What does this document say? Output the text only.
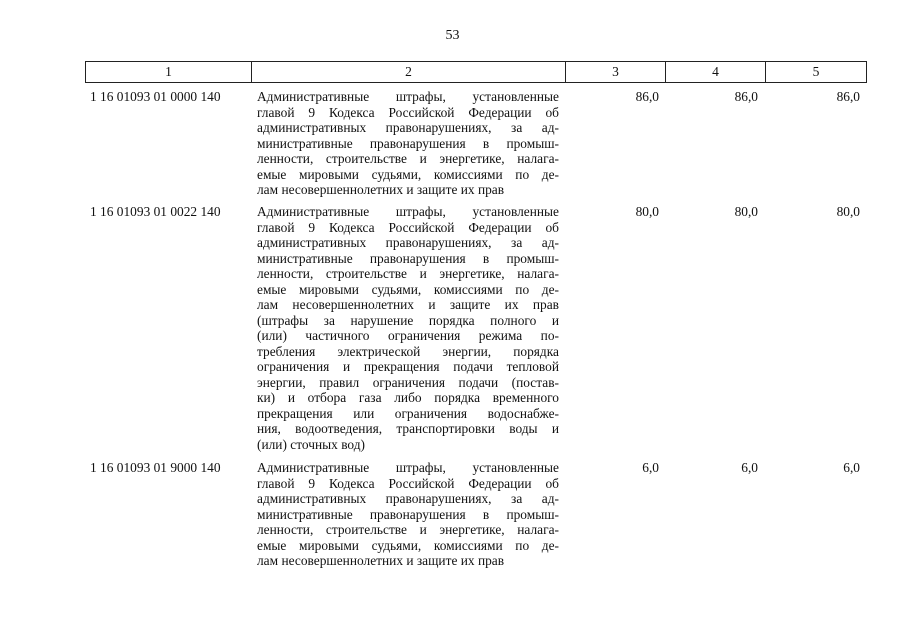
53
1	2	3	4	5
1 16 01093 01 0000 140	Административные штрафы, установленные
главой 9 Кодекса Российской Федерации об
административных правонарушениях, за ад-
министративные правонарушения в промыш-
ленности, строительстве и энергетике, налага-
емые мировыми судьями, комиссиями по де-
лам несовершеннолетних и защите их прав
86,0	86,0	86,0
1 16 01093 01 0022 140	Административные штрафы, установленные
главой 9 Кодекса Российской Федерации об
административных правонарушениях, за ад-
министративные правонарушения в промыш-
ленности, строительстве и энергетике, налага-
емые мировыми судьями, комиссиями по де-
лам несовершеннолетних и защите их прав
(штрафы за нарушение порядка полного и
(или) частичного ограничения режима по-
требления электрической энергии, порядка
ограничения и прекращения подачи тепловой
энергии, правил ограничения подачи (постав-
ки) и отбора газа либо порядка временного
прекращения или ограничения водоснабже-
ния, водоотведения, транспортировки воды и
(или) сточных вод)
80,0	80,0	80,0
1 16 01093 01 9000 140	Административные штрафы, установленные
главой 9 Кодекса Российской Федерации об
административных правонарушениях, за ад-
министративные правонарушения в промыш-
ленности, строительстве и энергетике, налага-
емые мировыми судьями, комиссиями по де-
лам несовершеннолетних и защите их прав
6,0	6,0	6,0
